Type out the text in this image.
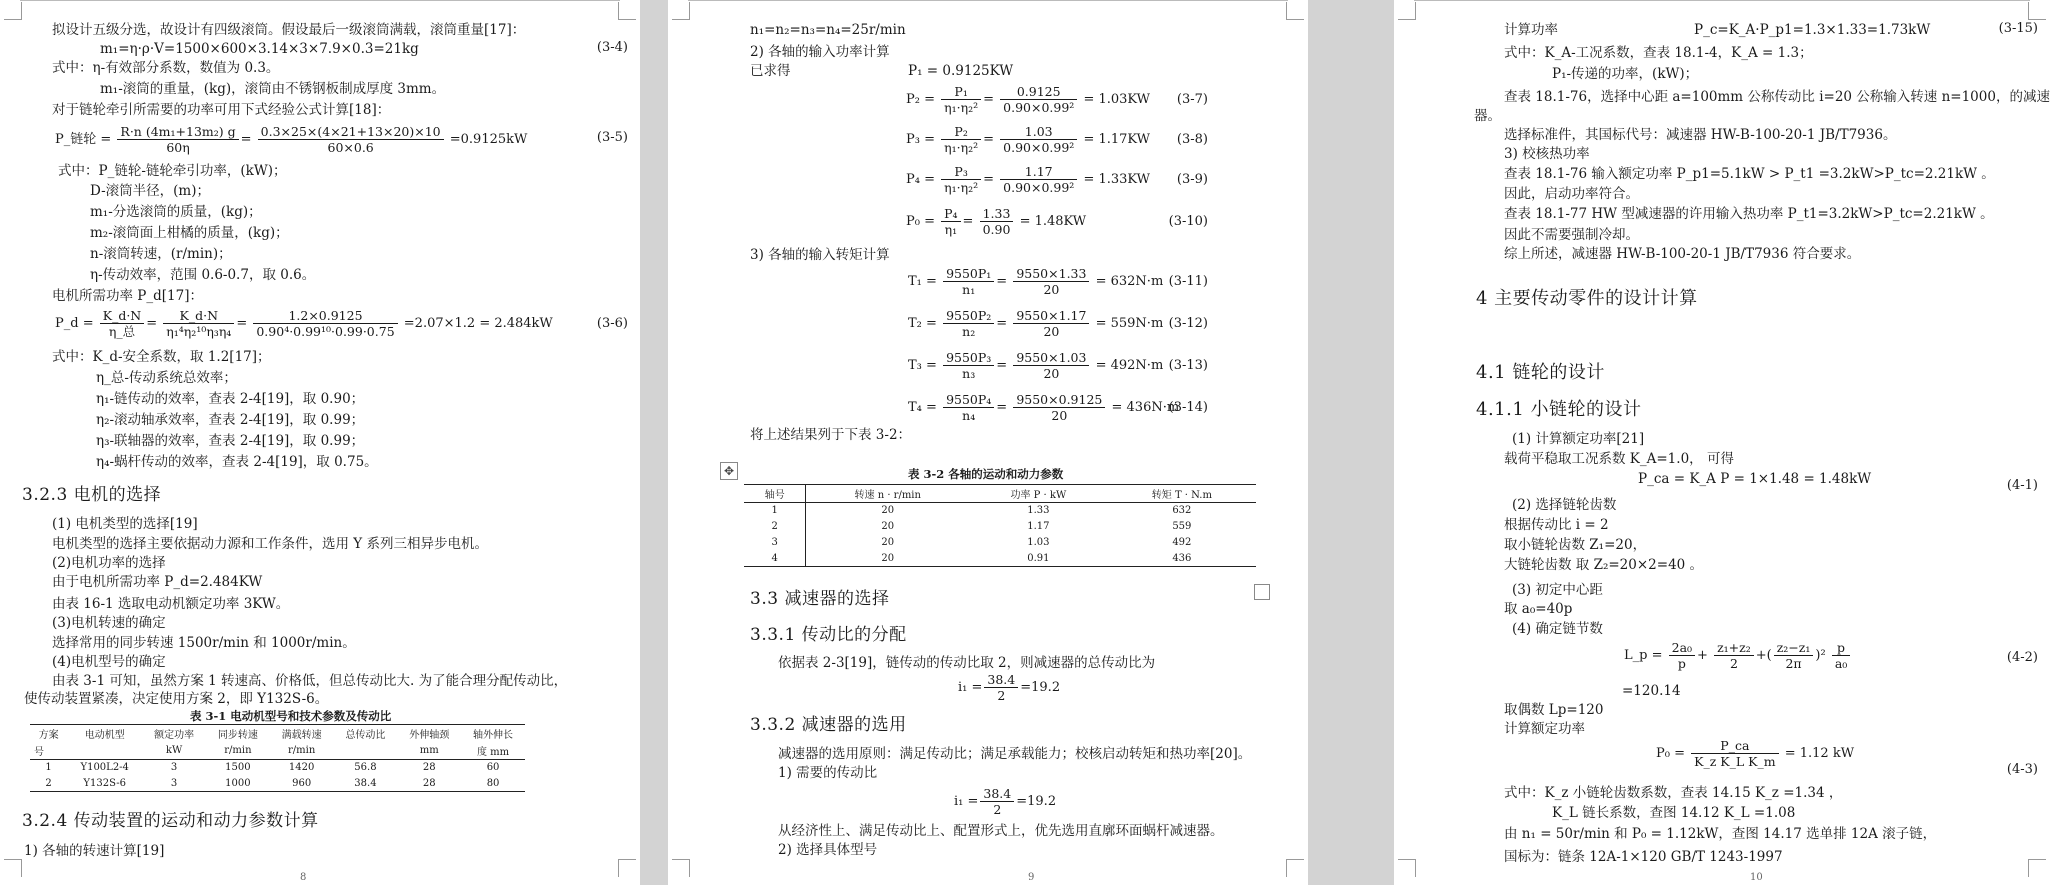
拟设计五级分选，故设计有四级滚筒。假设最后一级滚筒满载，滚筒重量[17]：
m₁=η·ρ·V=1500×600×3.14×3×7.9×0.3=21kg	(3-4)
式中：η-有效部分系数，数值为 0.3。
m₁-滚筒的重量，(kg)，滚筒由不锈钢板制成厚度 3mm。
对于链轮牵引所需要的功率可用下式经验公式计算[18]：
P_链轮 = $\frac{\text{R·n (4m₁+13m₂) g}}{60\eta} = \frac{0.3\times 25\times(4\times 21+13\times 20)\times 10}{60\times 0.6} =0.9125kW$	(3-5)
式中：P_链轮-链轮牵引功率，(kW)；
D-滚筒半径，(m)；
m₁-分选滚筒的质量，(kg)；
m₂-滚筒面上柑橘的质量，(kg)；
n-滚筒转速，(r/min)；
η-传动效率，范围 0.6-0.7，取 0.6。
电机所需功率 P_d[17]：
P_d = $\frac{K\_d\cdot N}{\text{η\_总}} = \frac{K\_d\cdot N}{\text{η₁⁴η₂¹⁰η₃η₄}} = \frac{1.2\times 0.9125}{\text{0.90⁴·0.99¹⁰·0.99·0.75}} =2.07\times 1.2 = 2.484kW$	(3-6)
式中：K_d-安全系数，取 1.2[17]；
η_总-传动系统总效率；
η₁-链传动的效率，查表 2-4[19]，取 0.90；
η₂-滚动轴承效率，查表 2-4[19]，取 0.99；
η₃-联轴器的效率，查表 2-4[19]，取 0.99；
η₄-蜗杆传动的效率，查表 2-4[19]，取 0.75。
3.2.3 电机的选择
(1) 电机类型的选择[19]
电机类型的选择主要依据动力源和工作条件，选用 Y 系列三相异步电机。
(2)电机功率的选择
由于电机所需功率 P_d=2.484KW
由表 16-1 选取电动机额定功率 3KW。
(3)电机转速的确定
选择常用的同步转速 1500r/min 和 1000r/min。
(4)电机型号的确定
由表 3-1 可知，虽然方案 1 转速高、价格低，但总传动比大. 为了能合理分配传动比，
使传动装置紧凑，决定使用方案 2，即 Y132S-6。
表 3-1 电动机型号和技术参数及传动比
方案	电动机型	额定功率	同步转速	满载转速	总传动比	外伸轴颈	轴外伸长
号		kW	r/min	r/min		mm	度 mm
1	Y100L2-4	3	1500	1420	56.8	28	60
2	Y132S-6	3	1000	960	38.4	28	80
3.2.4 传动装置的运动和动力参数计算
1) 各轴的转速计算[19]
8
n₁=n₂=n₃=n₄=25r/min
2) 各轴的输入功率计算
已求得	P₁ = 0.9125KW
$P_2 = \frac{\text{P₁}}{\text{η₁·η₂²}} = \frac{0.9125}{\text{0.90×0.99²}} = 1.03KW$ (3-7)
$P_3 = \frac{\text{P₂}}{\text{η₁·η₂²}} = \frac{1.03}{\text{0.90×0.99²}} = 1.17KW$ (3-8)
$P_4 = \frac{\text{P₃}}{\text{η₁·η₂²}} = \frac{1.17}{\text{0.90×0.99²}} = 1.33KW$ (3-9)
$P_0 = \frac{\text{P₄}}{\text{η₁}} = \frac{1.33}{0.90} = 1.48KW$	(3-10)
3) 各轴的输入转矩计算
$T_1 = \frac{\text{9550P₁}}{\text{n₁}} = \frac{9550\times 1.33}{20} = 632N\cdot m$ (3-11)
$T_2 = \frac{\text{9550P₂}}{\text{n₂}} = \frac{9550\times 1.17}{20} = 559N\cdot m$ (3-12)
$T_3 = \frac{\text{9550P₃}}{\text{n₃}} = \frac{9550\times 1.03}{20} = 492N\cdot m$ (3-13)
$T_4 = \frac{\text{9550P₄}}{\text{n₄}} = \frac{9550\times 0.9125}{20} = 436N\cdot m$
(3-14)
将上述结果列于下表 3-2：
✥	表 3-2 各轴的运动和动力参数
轴号	转速 n · r/min	功率 P · kW	转矩 T · N.m
1	20	1.33	632
2	20	1.17	559
3	20	1.03	492
4	20	0.91	436
3.3 减速器的选择
3.3.1 传动比的分配
依据表 2-3[19]，链传动的传动比取 2，则减速器的总传动比为
$i_1 = \frac{38.4}{2} =19.2$
3.3.2 减速器的选用
减速器的选用原则：满足传动比；满足承载能力；校核启动转矩和热功率[20]。
1) 需要的传动比
$i_1 = \frac{38.4}{2} =19.2$
从经济性上、满足传动比上、配置形式上，优先选用直廓环面蜗杆减速器。
2) 选择具体型号
9
计算功率	P_c=K_A·P_p1=1.3×1.33=1.73kW	(3-15)
式中：K_A-工况系数，查表 18.1-4，K_A = 1.3；
P₁-传递的功率，(kW)；
查表 18.1-76，选择中心距 a=100mm 公称传动比 i=20 公称输入转速 n=1000，的减速
器。
选择标准件，其国标代号：减速器 HW-B-100-20-1 JB/T7936。
3) 校核热功率
查表 18.1-76 输入额定功率 P_p1=5.1kW > P_t1 =3.2kW>P_tc=2.21kW 。
因此，启动功率符合。
查表 18.1-77 HW 型减速器的许用输入热功率 P_t1=3.2kW>P_tc=2.21kW 。
因此不需要强制冷却。
综上所述，减速器 HW-B-100-20-1 JB/T7936 符合要求。
4 主要传动零件的设计计算
4.1 链轮的设计
4.1.1 小链轮的设计
(1) 计算额定功率[21]
载荷平稳取工况系数 K_A=1.0， 可得
P_ca = K_A P = 1×1.48 = 1.48kW	(4-1)
(2) 选择链轮齿数
根据传动比 i = 2
取小链轮齿数 Z₁=20，
大链轮齿数 取 Z₂=20×2=40 。
(3) 初定中心距
取 a₀=40p
(4) 确定链节数
L_p = $\frac{\text{2a₀}}{p} + \frac{\text{z₁+z₂}}{2}$ +( $\frac{\text{z₂−z₁}}{2\pi} )^2 \frac{p}{\text{a₀}}$	(4-2)
=120.14
取偶数 Lp=120
计算额定功率
$P_0 = \frac{P\_ca}{\text{K\_z K\_L K\_m}} = 1.12$ kW
(4-3)
式中：K_z 小链轮齿数系数，查表 14.15 K_z =1.34 ，
K_L 链长系数，查图 14.12 K_L =1.08
由 n₁ = 50r/min 和 P₀ = 1.12kW，查图 14.17 选单排 12A 滚子链，
国标为：链条 12A-1×120 GB/T 1243-1997
10
